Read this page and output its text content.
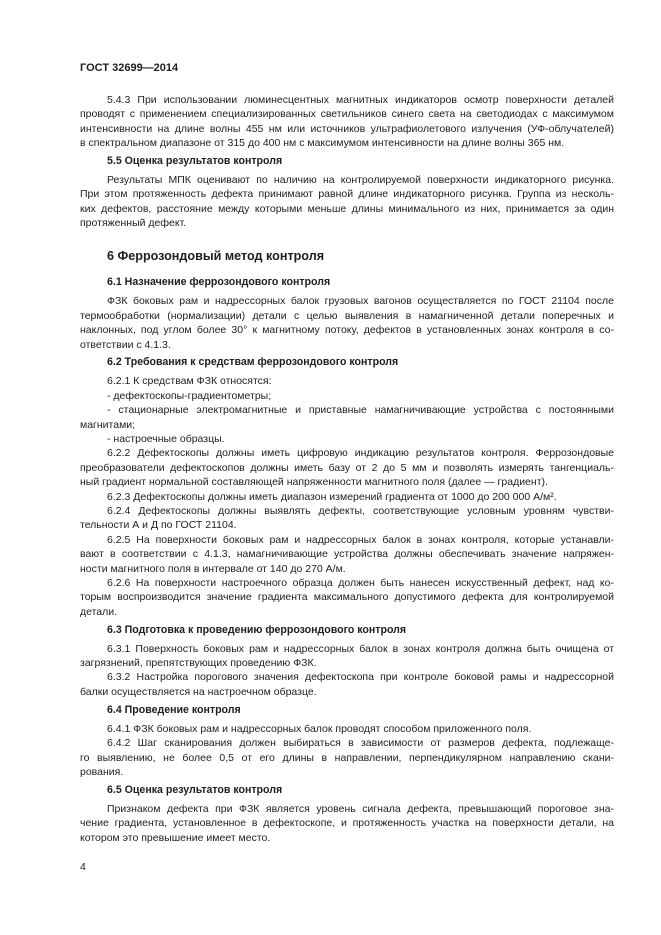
ГОСТ 32699—2014
5.4.3 При использовании люминесцентных магнитных индикаторов осмотр поверхности деталей
проводят с применением специализированных светильников синего света на светодиодах с максимумом
интенсивности на длине волны 455 нм или источников ультрафиолетового излучения (УФ-облучателей)
в спектральном диапазоне от 315 до 400 нм с максимумом интенсивности на длине волны 365 нм.
5.5 Оценка результатов контроля
Результаты МПК оценивают по наличию на контролируемой поверхности индикаторного рисунка.
При этом протяженность дефекта принимают равной длине индикаторного рисунка. Группа из несколь-
ких дефектов, расстояние между которыми меньше длины минимального из них, принимается за один
протяженный дефект.
6 Феррозондовый метод контроля
6.1 Назначение феррозондового контроля
ФЗК боковых рам и надрессорных балок грузовых вагонов осуществляется по ГОСТ 21104 после
термообработки (нормализации) детали с целью выявления в намагниченной детали поперечных и
наклонных, под углом более 30° к магнитному потоку, дефектов в установленных зонах контроля в со-
ответствии с 4.1.3.
6.2 Требования к средствам феррозондового контроля
6.2.1 К средствам ФЗК относятся:
- дефектоскопы-градиентометры;
- стационарные электромагнитные и приставные намагничивающие устройства с постоянными
магнитами;
- настроечные образцы.
6.2.2 Дефектоскопы должны иметь цифровую индикацию результатов контроля. Феррозондовые
преобразователи дефектоскопов должны иметь базу от 2 до 5 мм и позволять измерять тангенциаль-
ный градиент нормальной составляющей напряженности магнитного поля (далее — градиент).
6.2.3 Дефектоскопы должны иметь диапазон измерений градиента от 1000 до 200 000 А/м².
6.2.4 Дефектоскопы должны выявлять дефекты, соответствующие условным уровням чувстви-
тельности А и Д по ГОСТ 21104.
6.2.5 На поверхности боковых рам и надрессорных балок в зонах контроля, которые устанавли-
вают в соответствии с 4.1.3, намагничивающие устройства должны обеспечивать значение напряжен-
ности магнитного поля в интервале от 140 до 270 А/м.
6.2.6 На поверхности настроечного образца должен быть нанесен искусственный дефект, над ко-
торым воспроизводится значение градиента максимального допустимого дефекта для контролируемой
детали.
6.3 Подготовка к проведению феррозондового контроля
6.3.1 Поверхность боковых рам и надрессорных балок в зонах контроля должна быть очищена от
загрязнений, препятствующих проведению ФЗК.
6.3.2 Настройка порогового значения дефектоскопа при контроле боковой рамы и надрессорной
балки осуществляется на настроечном образце.
6.4 Проведение контроля
6.4.1 ФЗК боковых рам и надрессорных балок проводят способом приложенного поля.
6.4.2 Шаг сканирования должен выбираться в зависимости от размеров дефекта, подлежаще-
го выявлению, не более 0,5 от его длины в направлении, перпендикулярном направлению скани-
рования.
6.5 Оценка результатов контроля
Признаком дефекта при ФЗК является уровень сигнала дефекта, превышающий пороговое зна-
чение градиента, установленное в дефектоскопе, и протяженность участка на поверхности детали, на
котором это превышение имеет место.
4
